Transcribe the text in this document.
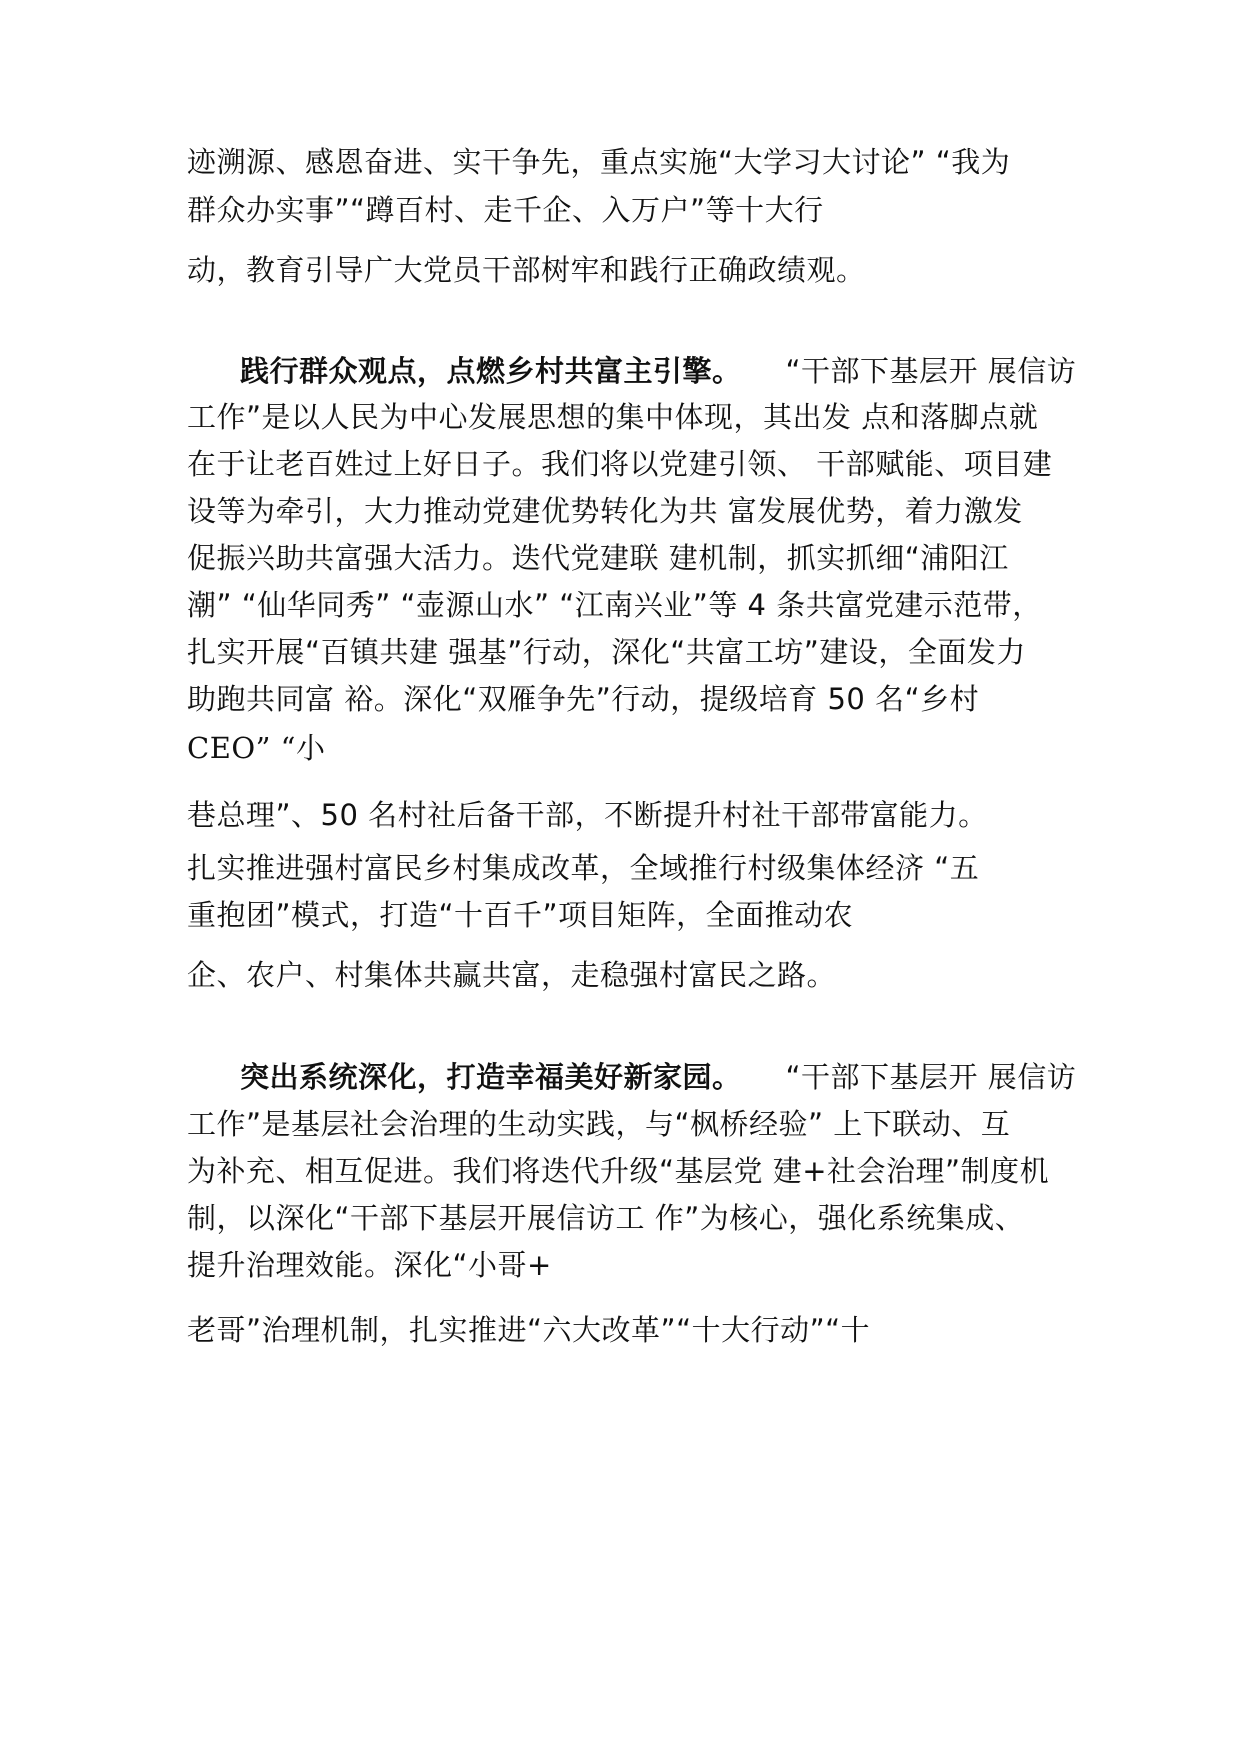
迹溯源、感恩奋进、实干争先，重点实施“大学习大讨论” “我为

群众办实事”“蹲百村、走千企、入万户”等十大行

动，教育引导广大党员干部树牢和践行正确政绩观。

践行群众观点，点燃乡村共富主引擎。 “干部下基层开 展信访

工作”是以人民为中心发展思想的集中体现，其出发 点和落脚点就

在于让老百姓过上好日子。我们将以党建引领、 干部赋能、项目建

设等为牵引，大力推动党建优势转化为共 富发展优势，着力激发

促振兴助共富强大活力。迭代党建联 建机制，抓实抓细“浦阳江

潮” “仙华同秀” “壶源山水” “江南兴业”等 4 条共富党建示范带，

扎实开展“百镇共建 强基”行动，深化“共富工坊”建设，全面发力

助跑共同富 裕。深化“双雁争先”行动，提级培育 50 名“乡村

CEO” “小

巷总理”、50 名村社后备干部，不断提升村社干部带富能力。

扎实推进强村富民乡村集成改革，全域推行村级集体经济 “五

重抱团”模式，打造“十百千”项目矩阵，全面推动农

企、农户、村集体共赢共富，走稳强村富民之路。

突出系统深化，打造幸福美好新家园。 “干部下基层开 展信访

工作”是基层社会治理的生动实践，与“枫桥经验” 上下联动、互

为补充、相互促进。我们将迭代升级“基层党 建+社会治理”制度机

制，以深化“干部下基层开展信访工 作”为核心，强化系统集成、

提升治理效能。深化“小哥+

老哥”治理机制，扎实推进“六大改革”“十大行动”“十
